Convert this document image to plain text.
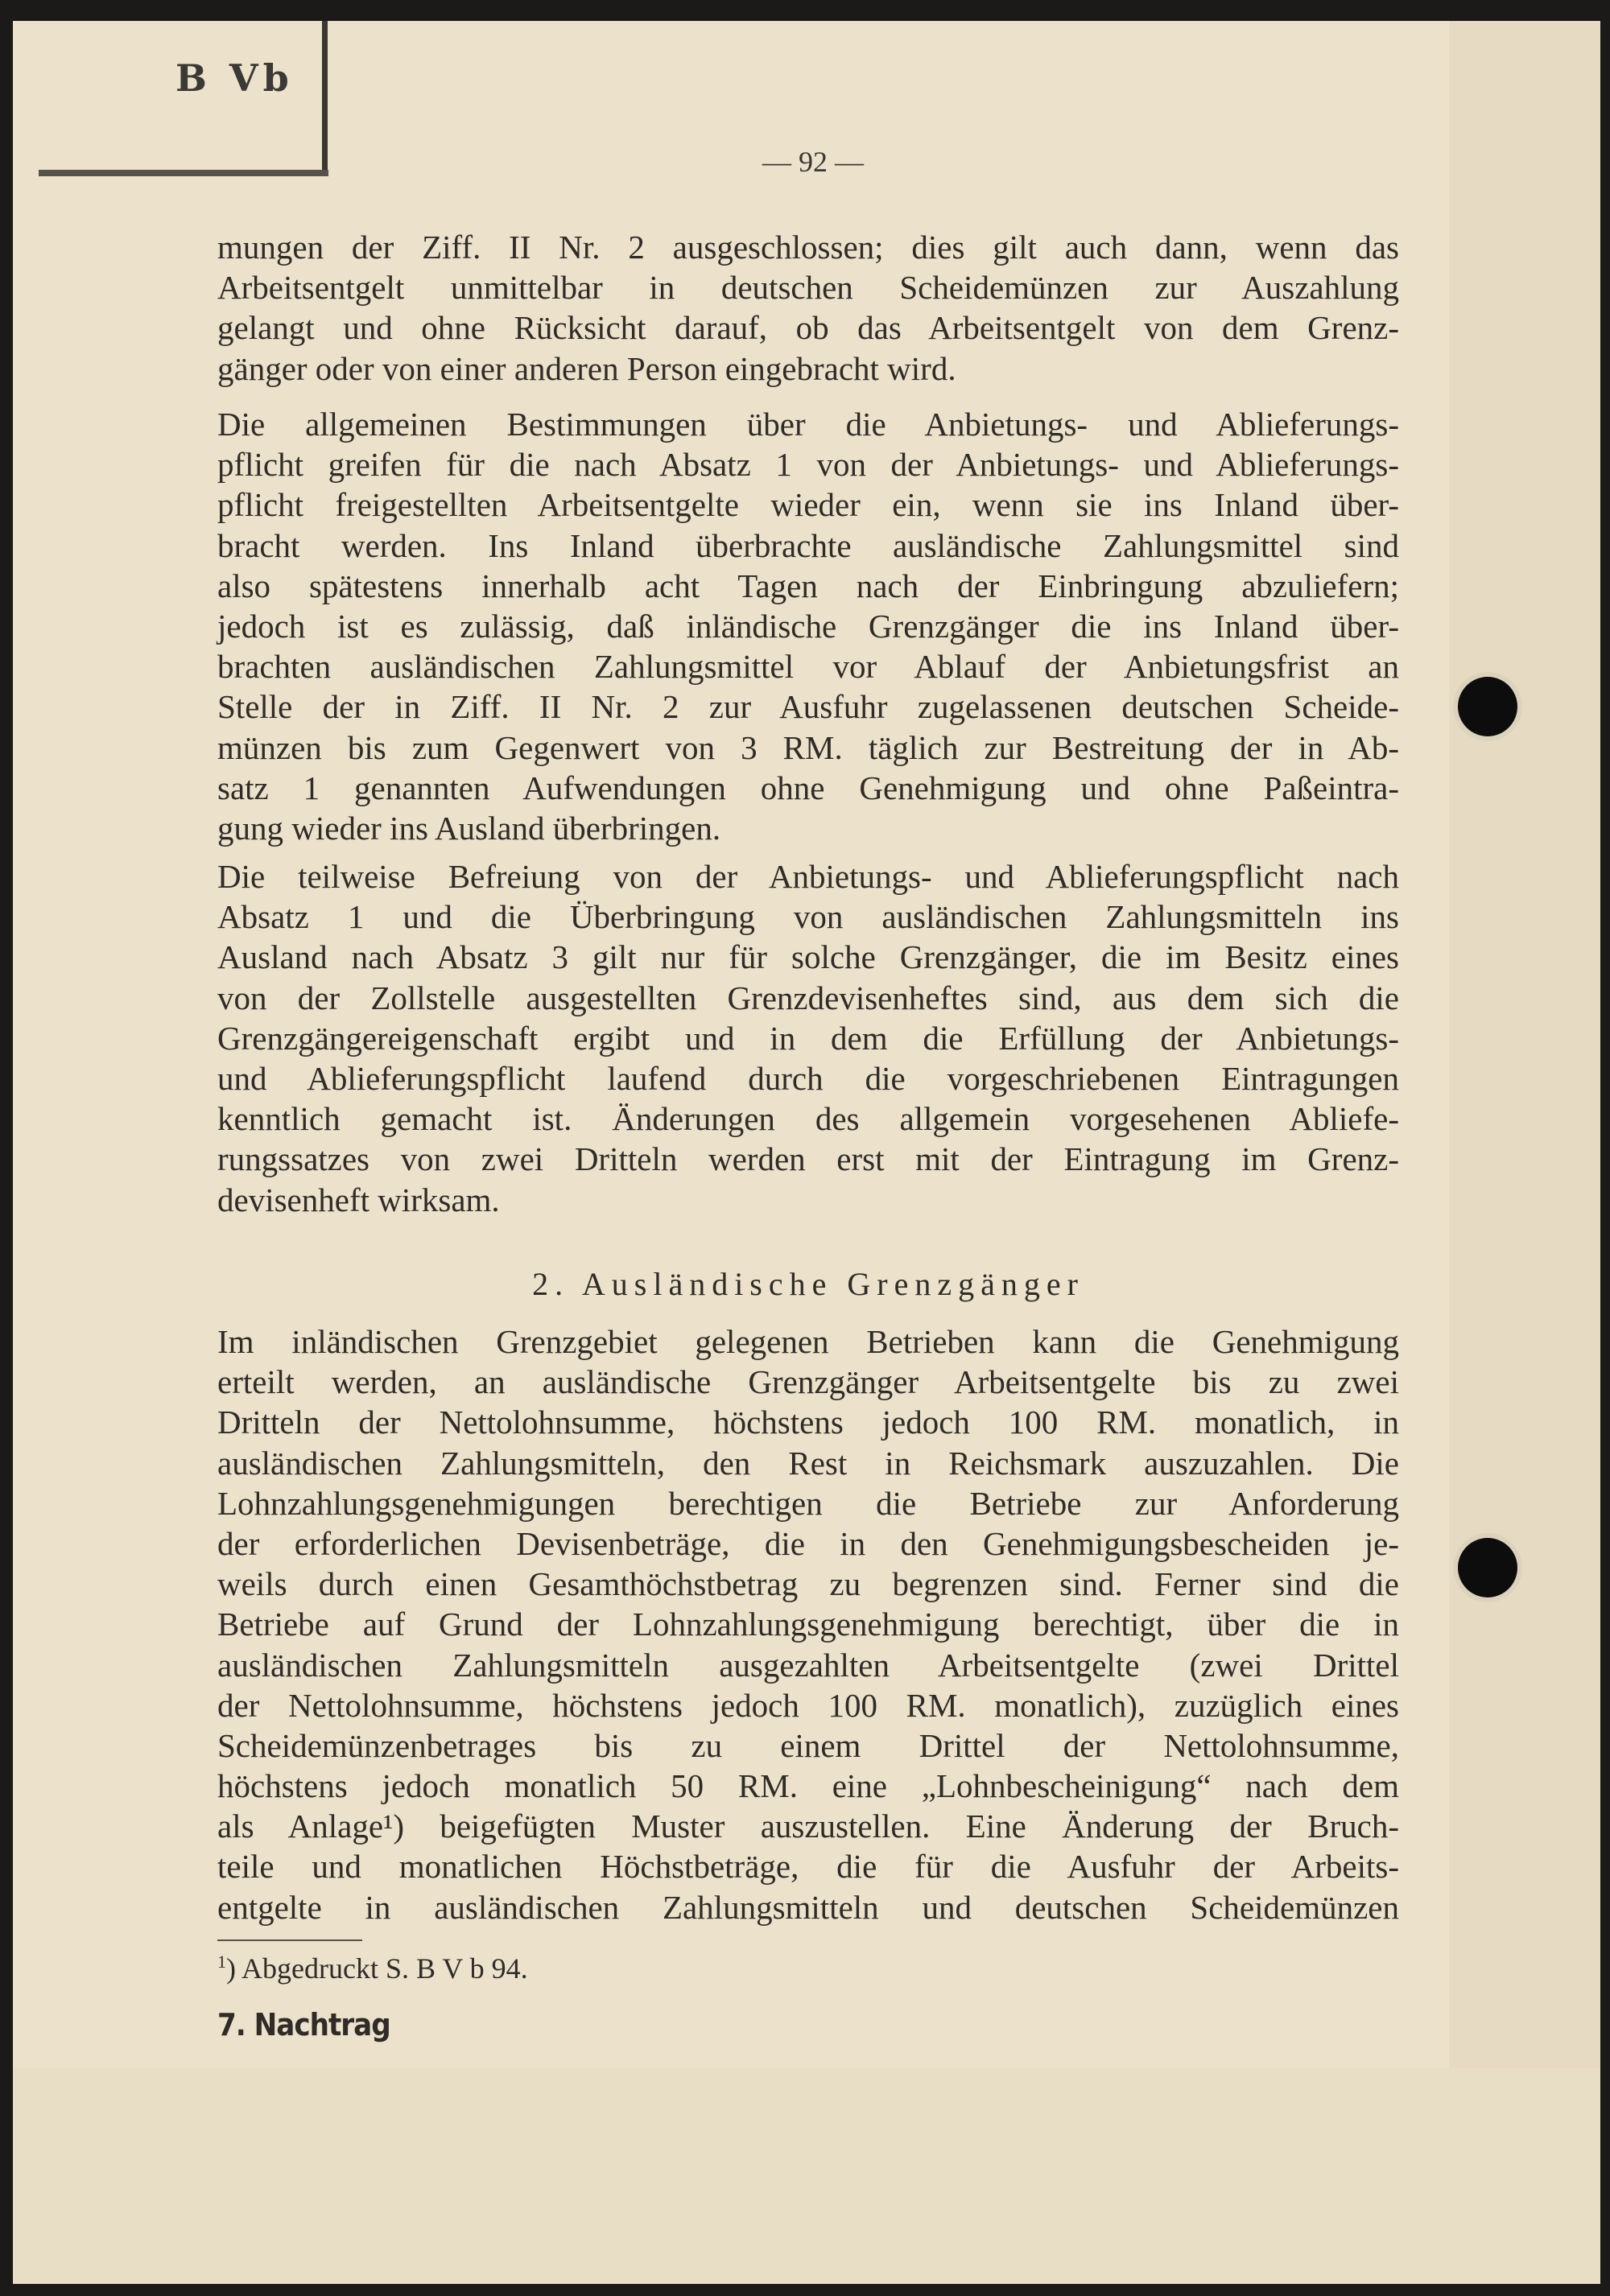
B Vb
— 92 —
mungen der Ziff. II Nr. 2 ausgeschlossen; dies gilt auch dann, wenn das
Arbeitsentgelt unmittelbar in deutschen Scheidemünzen zur Auszahlung
gelangt und ohne Rücksicht darauf, ob das Arbeitsentgelt von dem Grenz-
gänger oder von einer anderen Person eingebracht wird.
Die allgemeinen Bestimmungen über die Anbietungs- und Ablieferungs-
pflicht greifen für die nach Absatz 1 von der Anbietungs- und Ablieferungs-
pflicht freigestellten Arbeitsentgelte wieder ein, wenn sie ins Inland über-
bracht werden. Ins Inland überbrachte ausländische Zahlungsmittel sind
also spätestens innerhalb acht Tagen nach der Einbringung abzuliefern;
jedoch ist es zulässig, daß inländische Grenzgänger die ins Inland über-
brachten ausländischen Zahlungsmittel vor Ablauf der Anbietungsfrist an
Stelle der in Ziff. II Nr. 2 zur Ausfuhr zugelassenen deutschen Scheide-
münzen bis zum Gegenwert von 3 RM. täglich zur Bestreitung der in Ab-
satz 1 genannten Aufwendungen ohne Genehmigung und ohne Paßeintra-
gung wieder ins Ausland überbringen.
Die teilweise Befreiung von der Anbietungs- und Ablieferungspflicht nach
Absatz 1 und die Überbringung von ausländischen Zahlungsmitteln ins
Ausland nach Absatz 3 gilt nur für solche Grenzgänger, die im Besitz eines
von der Zollstelle ausgestellten Grenzdevisenheftes sind, aus dem sich die
Grenzgängereigenschaft ergibt und in dem die Erfüllung der Anbietungs-
und Ablieferungspflicht laufend durch die vorgeschriebenen Eintragungen
kenntlich gemacht ist. Änderungen des allgemein vorgesehenen Abliefe-
rungssatzes von zwei Dritteln werden erst mit der Eintragung im Grenz-
devisenheft wirksam.
2. Ausländische Grenzgänger
Im inländischen Grenzgebiet gelegenen Betrieben kann die Genehmigung
erteilt werden, an ausländische Grenzgänger Arbeitsentgelte bis zu zwei
Dritteln der Nettolohnsumme, höchstens jedoch 100 RM. monatlich, in
ausländischen Zahlungsmitteln, den Rest in Reichsmark auszuzahlen. Die
Lohnzahlungsgenehmigungen berechtigen die Betriebe zur Anforderung
der erforderlichen Devisenbeträge, die in den Genehmigungsbescheiden je-
weils durch einen Gesamthöchstbetrag zu begrenzen sind. Ferner sind die
Betriebe auf Grund der Lohnzahlungsgenehmigung berechtigt, über die in
ausländischen Zahlungsmitteln ausgezahlten Arbeitsentgelte (zwei Drittel
der Nettolohnsumme, höchstens jedoch 100 RM. monatlich), zuzüglich eines
Scheidemünzenbetrages bis zu einem Drittel der Nettolohnsumme,
höchstens jedoch monatlich 50 RM. eine „Lohnbescheinigung“ nach dem
als Anlage¹) beigefügten Muster auszustellen. Eine Änderung der Bruch-
teile und monatlichen Höchstbeträge, die für die Ausfuhr der Arbeits-
entgelte in ausländischen Zahlungsmitteln und deutschen Scheidemünzen
$^1$) Abgedruckt S. B V b 94.
7. Nachtrag
